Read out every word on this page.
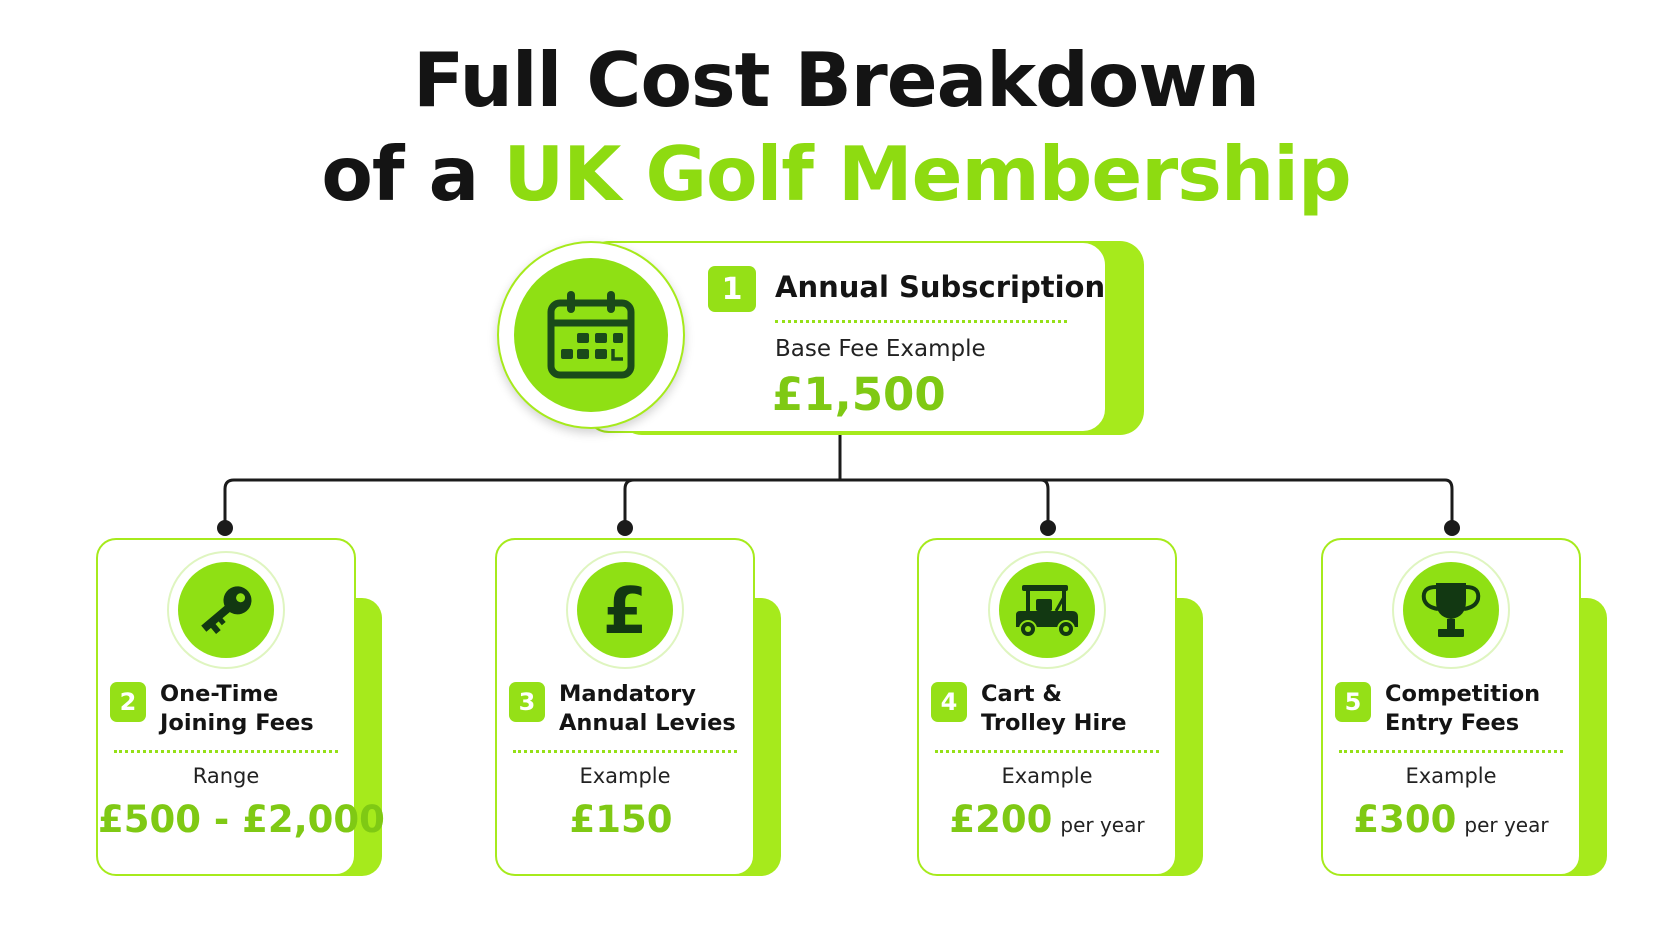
Full Cost Breakdown
of a UK Golf Membership
1	Annual Subscription
Base Fee Example
£1,500
2	One-Time
Joining Fees
Range
£500 - £2,000
£
3	Mandatory
Annual Levies
Example
£150
4	Cart &
Trolley Hire
Example
£200 per year
5	Competition
Entry Fees
Example
£300 per year
